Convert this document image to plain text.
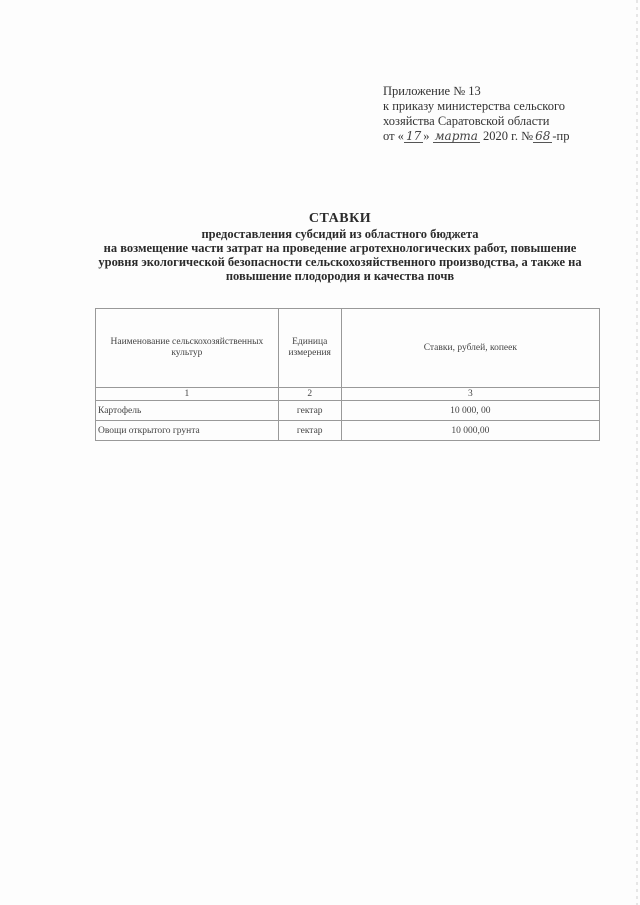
Приложение № 13
к приказу министерства сельского
хозяйства Саратовской области
от « 17 » марта 2020 г. № 68 -пр
СТАВКИ
предоставления субсидий из областного бюджета
на возмещение части затрат на проведение агротехнологических работ, повышение
уровня экологической безопасности сельскохозяйственного производства, а также на
повышение плодородия и качества почв
Наименование сельскохозяйственных культур	Единица измерения	Ставки, рублей, копеек
1	2	3
Картофель	гектар	10 000, 00
Овощи открытого грунта	гектар	10 000,00
